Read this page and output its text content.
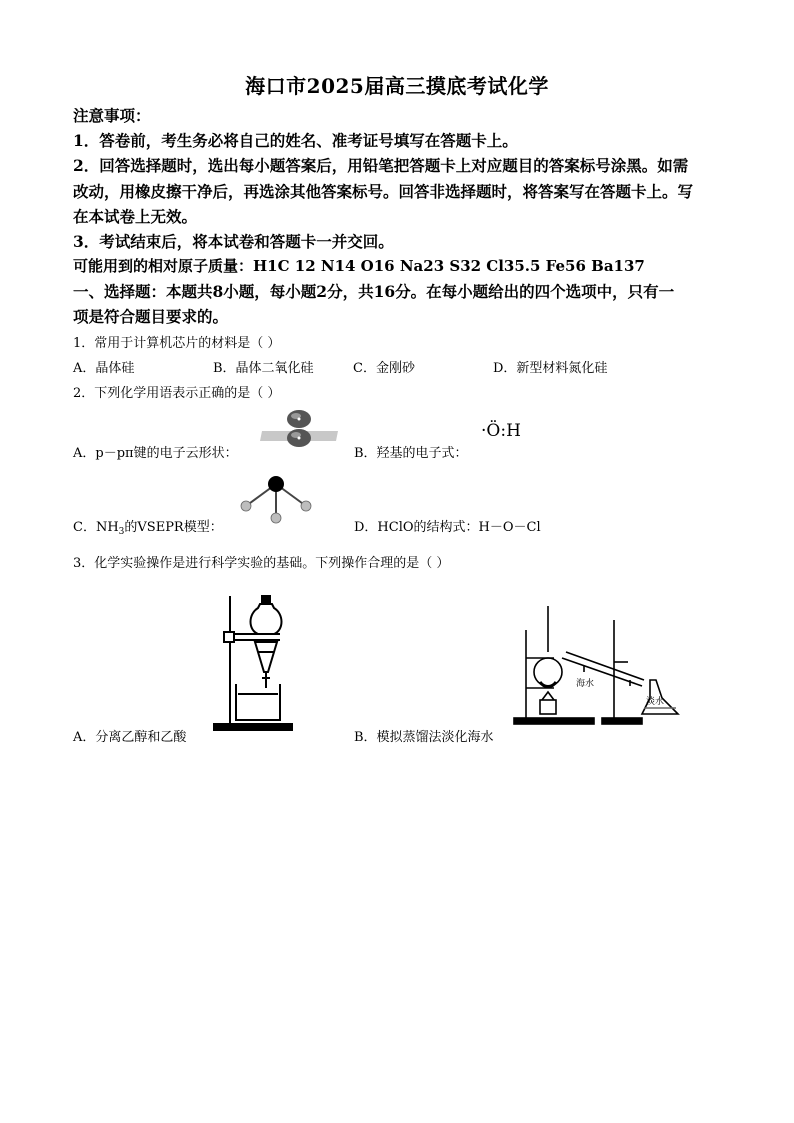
海口市2025届高三摸底考试化学
注意事项：
1．答卷前，考生务必将自己的姓名、准考证号填写在答题卡上。
2．回答选择题时，选出每小题答案后，用铅笔把答题卡上对应题目的答案标号涂黑。如需
改动，用橡皮擦干净后，再选涂其他答案标号。回答非选择题时，将答案写在答题卡上。写
在本试卷上无效。
3．考试结束后，将本试卷和答题卡一并交回。
可能用到的相对原子质量：H1C 12 N14 O16 Na23 S32 Cl35.5 Fe56 Ba137
一、选择题：本题共8小题，每小题2分，共16分。在每小题给出的四个选项中，只有一
项是符合题目要求的。
1．常用于计算机芯片的材料是（ ）
A．晶体硅	B．晶体二氧化硅	C．金刚砂	D．新型材料氮化硅
2．下列化学用语表示正确的是（ ）
A．p－pπ键的电子云形状：	B．羟基的电子式：
·Ö:H
C．$NH_3$的VSEPR模型：	D．HClO的结构式：H－O－Cl
3．化学实验操作是进行科学实验的基础。下列操作合理的是（ ）
A．分离乙醇和乙酸
海水
淡水
B．模拟蒸馏法淡化海水
